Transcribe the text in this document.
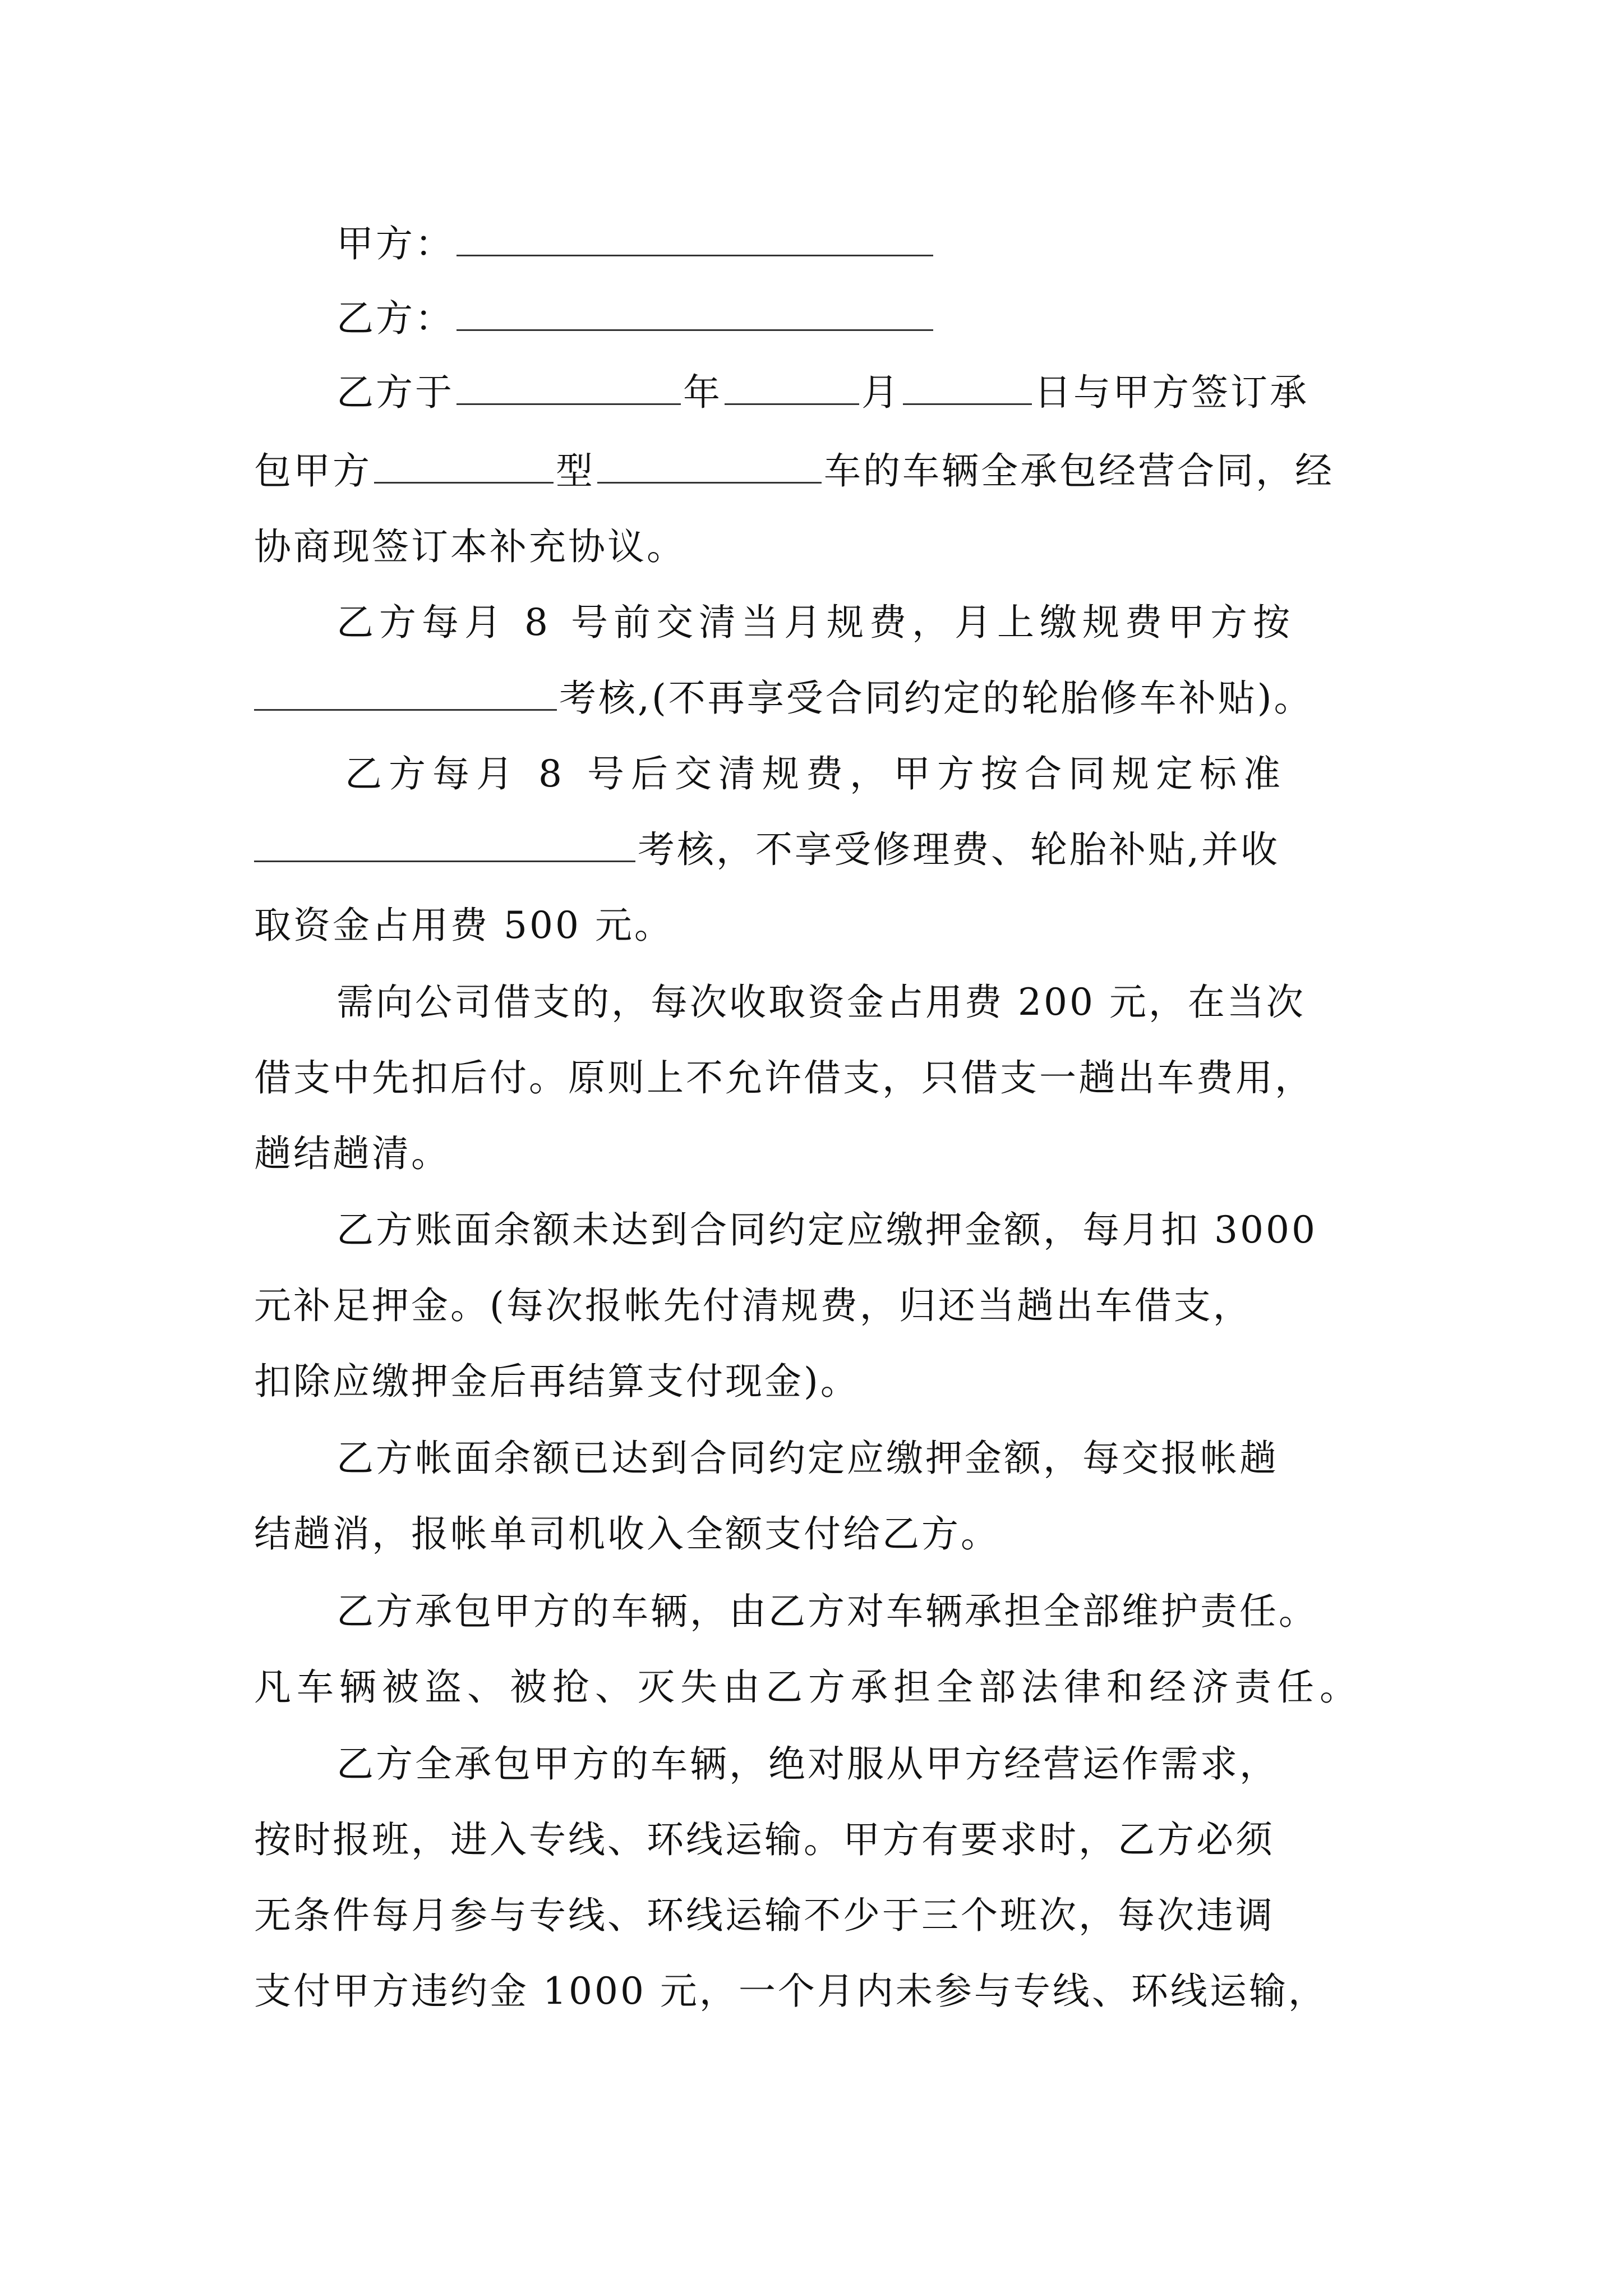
甲方：
乙方：
乙方于	年	月	日与甲方签订承
包甲方	型	车的车辆全承包经营合同，经
协商现签订本补充协议。
乙方每月 8 号前交清当月规费，月上缴规费甲方按
考核,(不再享受合同约定的轮胎修车补贴)。
乙方每月 8 号后交清规费，甲方按合同规定标准
考核，不享受修理费、轮胎补贴,并收
取资金占用费 500 元。
需向公司借支的，每次收取资金占用费 200 元，在当次
借支中先扣后付。原则上不允许借支，只借支一趟出车费用，
趟结趟清。
乙方账面余额未达到合同约定应缴押金额，每月扣 3000
元补足押金。(每次报帐先付清规费，归还当趟出车借支，
扣除应缴押金后再结算支付现金)。
乙方帐面余额已达到合同约定应缴押金额，每交报帐趟
结趟消，报帐单司机收入全额支付给乙方。
乙方承包甲方的车辆，由乙方对车辆承担全部维护责任。
凡车辆被盗、被抢、灭失由乙方承担全部法律和经济责任。
乙方全承包甲方的车辆，绝对服从甲方经营运作需求，
按时报班，进入专线、环线运输。甲方有要求时，乙方必须
无条件每月参与专线、环线运输不少于三个班次，每次违调
支付甲方违约金 1000 元，一个月内未参与专线、环线运输，
